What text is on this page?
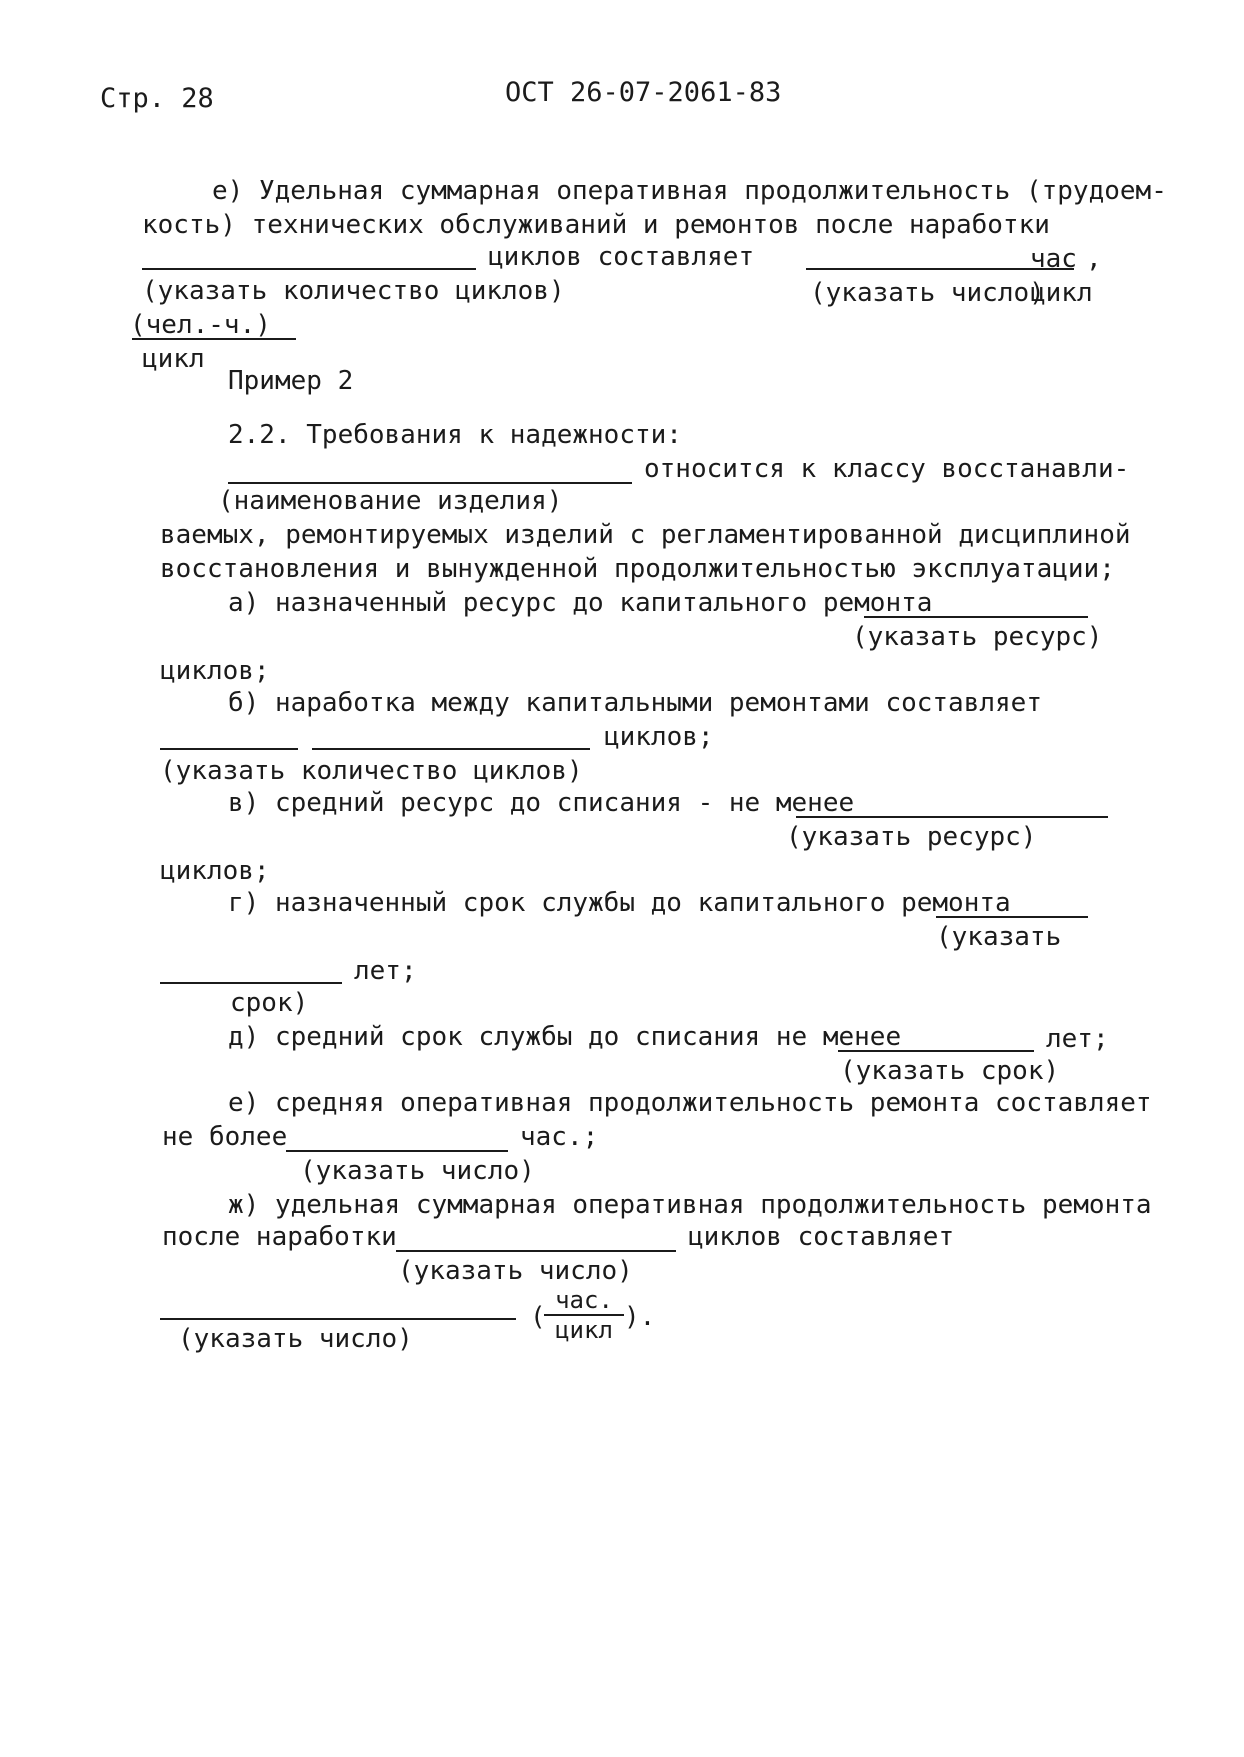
Стр. 28	ОСТ 26-07-2061-83
е) Удельная суммарная оперативная продолжительность (трудоем-
кость) технических обслуживаний и ремонтов после наработки
циклов составляет	час ,
(указать количество циклов)	(указать число)
цикл
(чел.-ч.)
цикл
Пример 2
2.2. Требования к надежности:
относится к классу восстанавли-
(наименование изделия)
ваемых, ремонтируемых изделий с регламентированной дисциплиной
восстановления и вынужденной продолжительностью эксплуатации;
а) назначенный ресурс до капитального ремонта
(указать ресурс)
циклов;
б) наработка между капитальными ремонтами составляет
циклов;
(указать количество циклов)
в) средний ресурс до списания - не менее
(указать ресурс)
циклов;
г) назначенный срок службы до капитального ремонта
(указать
лет;
срок)
д) средний срок службы до списания не менее	лет;
(указать срок)
е) средняя оперативная продолжительность ремонта составляет
не более	час.;
(указать число)
ж) удельная суммарная оперативная продолжительность ремонта
после наработки	циклов составляет
(указать число)
(
час.
цикл ).
(указать число)
